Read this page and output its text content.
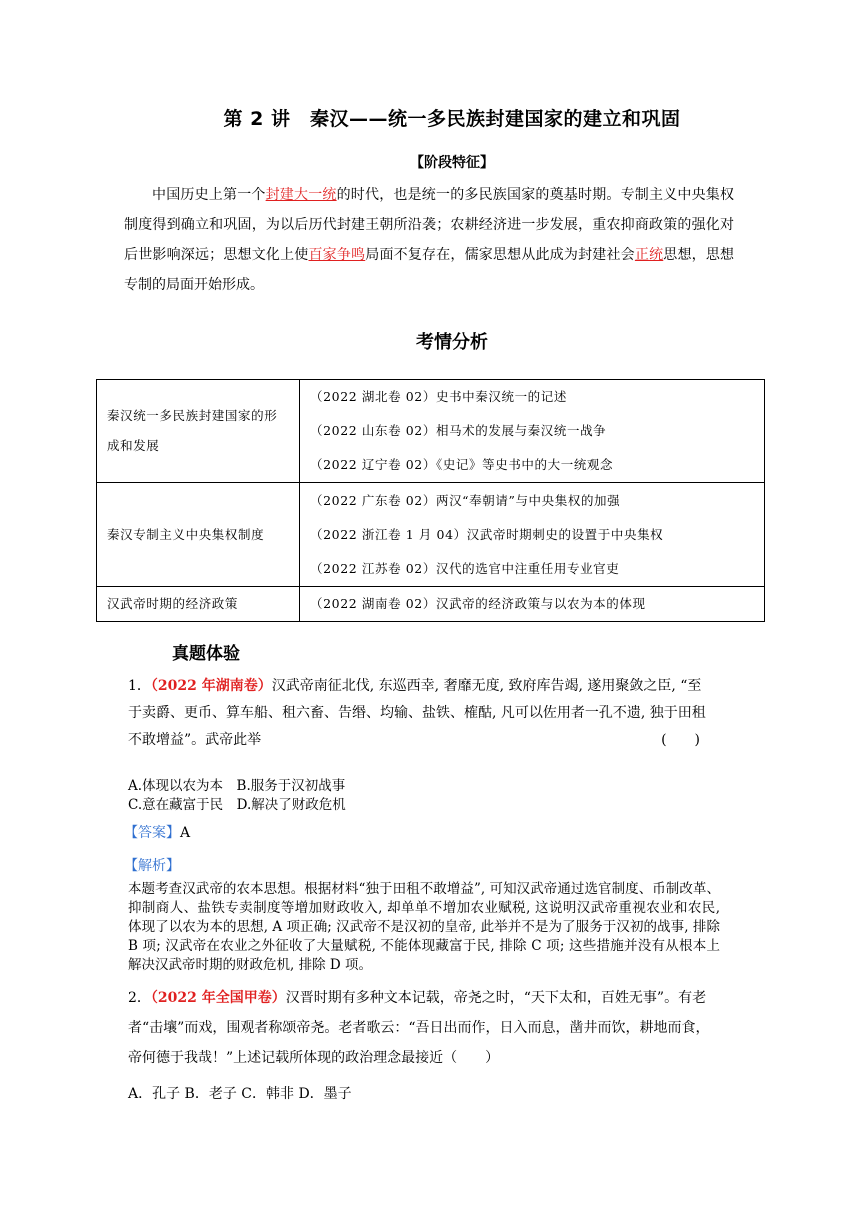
第 2 讲　秦汉——统一多民族封建国家的建立和巩固
【阶段特征】
中国历史上第一个封建大一统的时代，也是统一的多民族国家的奠基时期。专制主义中央集权制度得到确立和巩固，为以后历代封建王朝所沿袭；农耕经济进一步发展，重农抑商政策的强化对后世影响深远；思想文化上使百家争鸣局面不复存在，儒家思想从此成为封建社会正统思想，思想专制的局面开始形成。
考情分析
秦汉统一多民族封建国家的形成和发展	（2022 湖北卷 02）史书中秦汉统一的记述
（2022 山东卷 02）相马术的发展与秦汉统一战争
（2022 辽宁卷 02）《史记》等史书中的大一统观念

秦汉专制主义中央集权制度	（2022 广东卷 02）两汉“奉朝请”与中央集权的加强
（2022 浙江卷 1 月 04）汉武帝时期刺史的设置于中央集权
（2022 江苏卷 02）汉代的选官中注重任用专业官吏

汉武帝时期的经济政策	（2022 湖南卷 02）汉武帝的经济政策与以农为本的体现
真题体验
1．（2022 年湖南卷）汉武帝南征北伐, 东巡西幸, 奢靡无度, 致府库告竭, 遂用聚敛之臣, “至于卖爵、更币、算车船、租六畜、告缗、均输、盐铁、榷酤, 凡可以佐用者一孔不遗, 独于田租不敢增益”。武帝此举	(　　)
A.体现以农为本　B.服务于汉初战事
C.意在藏富于民　D.解决了财政危机
【答案】A
【解析】
本题考查汉武帝的农本思想。根据材料“独于田租不敢增益”, 可知汉武帝通过选官制度、币制改革、抑制商人、盐铁专卖制度等增加财政收入, 却单单不增加农业赋税, 这说明汉武帝重视农业和农民, 体现了以农为本的思想, A 项正确; 汉武帝不是汉初的皇帝, 此举并不是为了服务于汉初的战事, 排除 B 项; 汉武帝在农业之外征收了大量赋税, 不能体现藏富于民, 排除 C 项; 这些措施并没有从根本上解决汉武帝时期的财政危机, 排除 D 项。
2．（2022 年全国甲卷）汉晋时期有多种文本记载，帝尧之时，“天下太和，百姓无事”。有老者“击壤”而戏，围观者称颂帝尧。老者歌云：“吾日出而作，日入而息，凿井而饮，耕地而食，帝何德于我哉！”上述记载所体现的政治理念最接近（　　）
A．孔子 B．老子 C．韩非 D．墨子
